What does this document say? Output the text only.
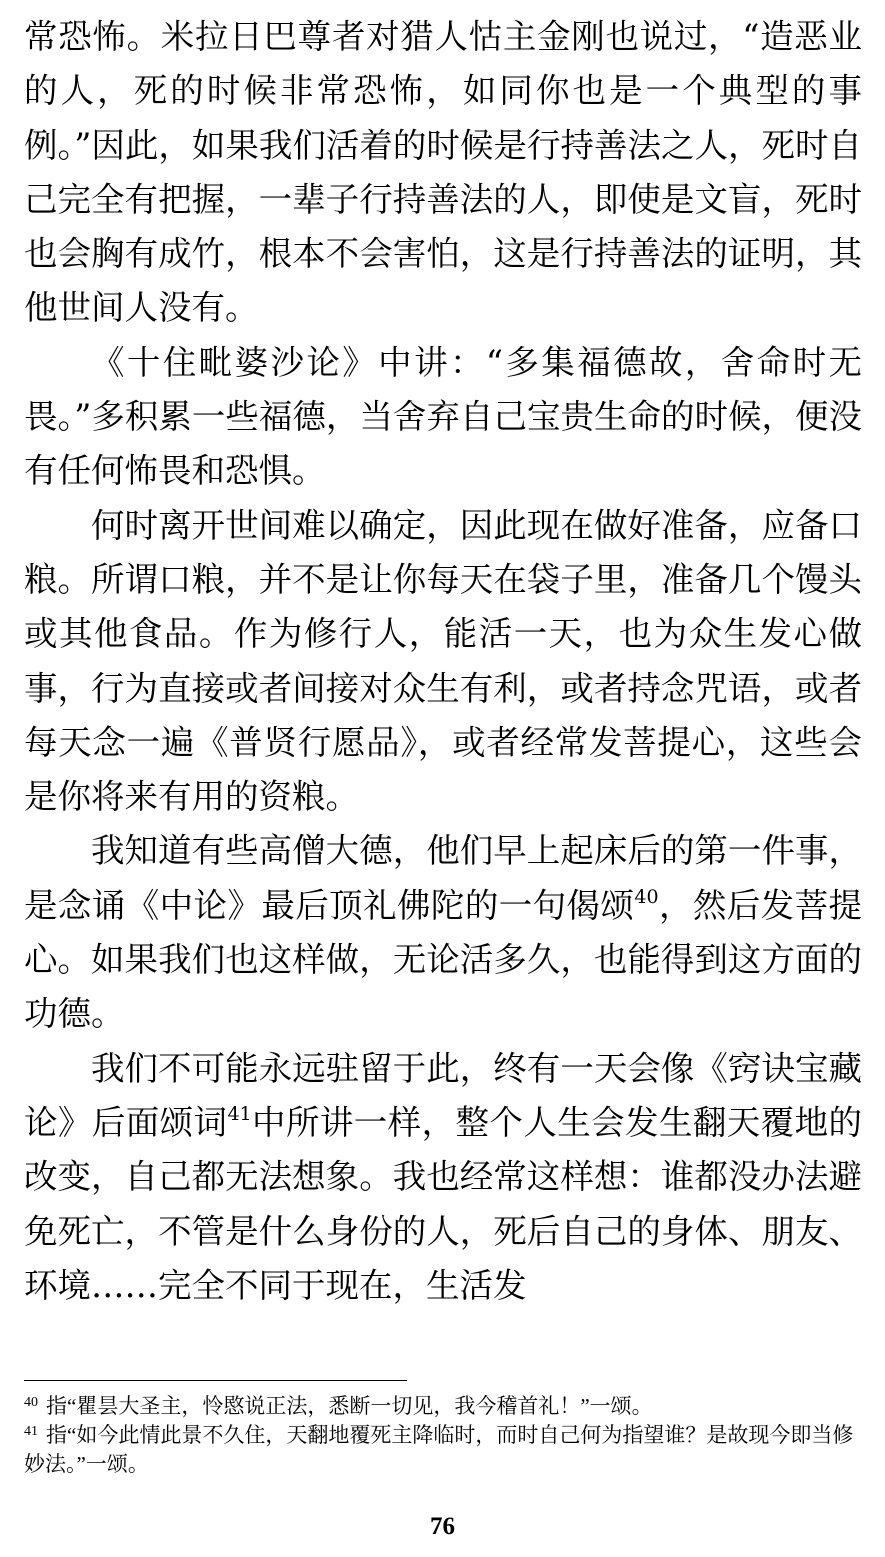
常恐怖。米拉日巴尊者对猎人怙主金刚也说过，“造恶业的人，死的时候非常恐怖，如同你也是一个典型的事例。”因此，如果我们活着的时候是行持善法之人，死时自己完全有把握，一辈子行持善法的人，即使是文盲，死时也会胸有成竹，根本不会害怕，这是行持善法的证明，其他世间人没有。

《十住毗婆沙论》中讲：“多集福德故，舍命时无畏。”多积累一些福德，当舍弃自己宝贵生命的时候，便没有任何怖畏和恐惧。

何时离开世间难以确定，因此现在做好准备，应备口粮。所谓口粮，并不是让你每天在袋子里，准备几个馒头或其他食品。作为修行人，能活一天，也为众生发心做事，行为直接或者间接对众生有利，或者持念咒语，或者每天念一遍《普贤行愿品》，或者经常发菩提心，这些会是你将来有用的资粮。

我知道有些高僧大德，他们早上起床后的第一件事，是念诵《中论》最后顶礼佛陀的一句偈颂$^{40}$，然后发菩提心。如果我们也这样做，无论活多久，也能得到这方面的功德。

我们不可能永远驻留于此，终有一天会像《窍诀宝藏论》后面颂词$^{41}$中所讲一样，整个人生会发生翻天覆地的改变，自己都无法想象。我也经常这样想：谁都没办法避免死亡，不管是什么身份的人，死后自己的身体、朋友、环境……完全不同于现在，生活发

$^{40}$ 指“瞿昙大圣主，怜愍说正法，悉断一切见，我今稽首礼！”一颂。

$^{41}$ 指“如今此情此景不久住，天翻地覆死主降临时，而时自己何为指望谁？是故现今即当修妙法。”一颂。

76
